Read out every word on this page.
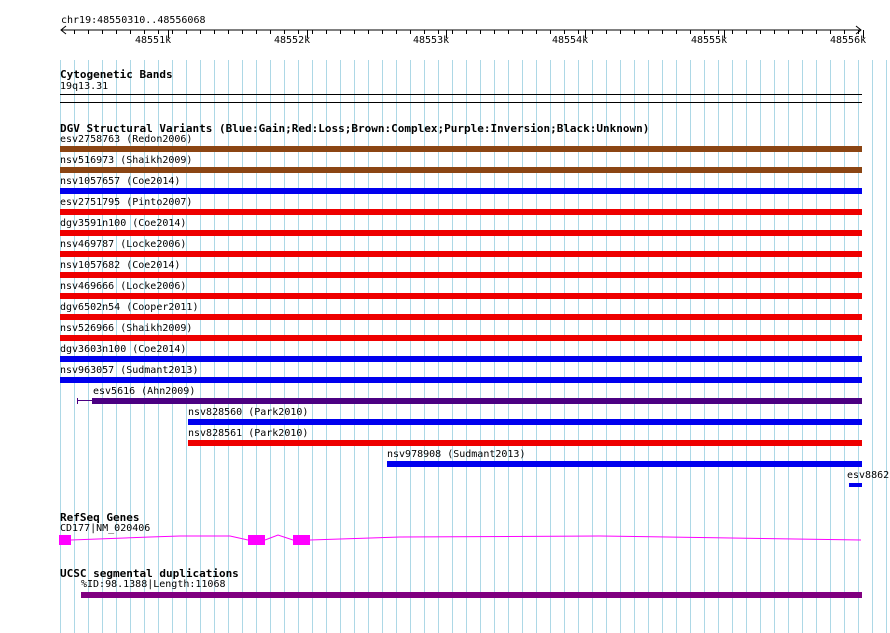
chr19:48550310..48556068
48551k	48552k	48553k	48554k	48555k	48556k
Cytogenetic Bands
19q13.31
DGV Structural Variants (Blue:Gain;Red:Loss;Brown:Complex;Purple:Inversion;Black:Unknown)
esv2758763 (Redon2006)
nsv516973 (Shaikh2009)
nsv1057657 (Coe2014)
esv2751795 (Pinto2007)
dgv3591n100 (Coe2014)
nsv469787 (Locke2006)
nsv1057682 (Coe2014)
nsv469666 (Locke2006)
dgv6502n54 (Cooper2011)
nsv526966 (Shaikh2009)
dgv3603n100 (Coe2014)
nsv963057 (Sudmant2013)
esv5616 (Ahn2009)
nsv828560 (Park2010)
nsv828561 (Park2010)
nsv978908 (Sudmant2013)
esv8862
RefSeq Genes
CD177|NM_020406
UCSC segmental duplications
%ID:98.1388|Length:11068
